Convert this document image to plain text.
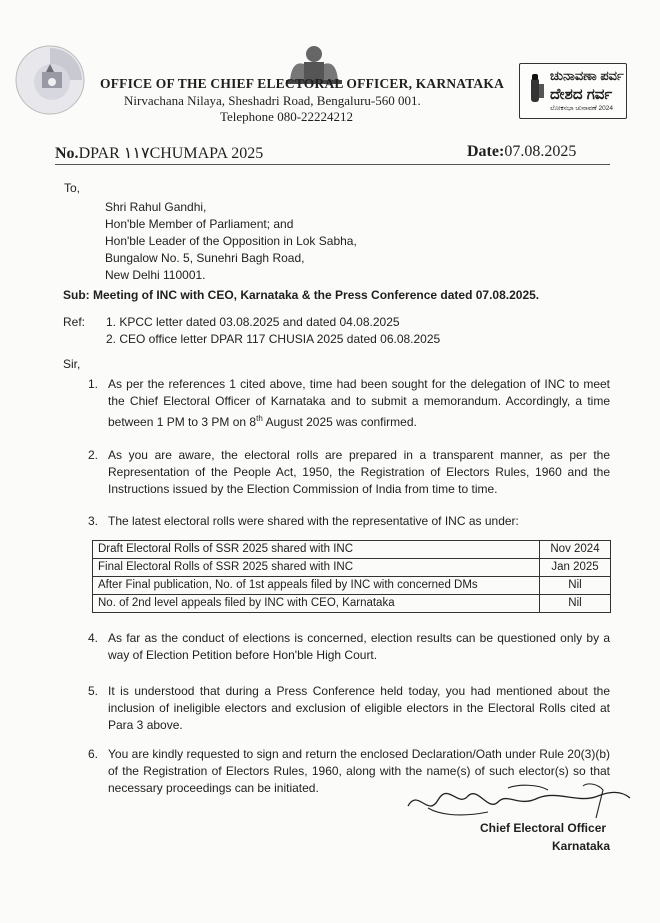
OFFICE OF THE CHIEF ELECTORAL OFFICER, KARNATAKA
Nirvachana Nilaya, Sheshadri Road, Bengaluru-560 001.
Telephone 080-22224212
ಚುನಾವಣಾ ಪರ್ವ
ದೇಶದ ಗರ್ವ
ಲೋಕಸಭಾ ಚುನಾವಣೆ 2024
No.DPAR ١١٧CHUMAPA 2025	Date:07.08.2025
To,
Shri Rahul Gandhi,
Hon'ble Member of Parliament; and
Hon'ble Leader of the Opposition in Lok Sabha,
Bungalow No. 5, Sunehri Bagh Road,
New Delhi 110001.
Sub: Meeting of INC with CEO, Karnataka & the Press Conference dated 07.08.2025.
Ref: 1. KPCC letter dated 03.08.2025 and dated 04.08.2025
2. CEO office letter DPAR 117 CHUSIA 2025 dated 06.08.2025
Sir,
1. As per the references 1 cited above, time had been sought for the delegation of INC to meet the Chief Electoral Officer of Karnataka and to submit a memorandum. Accordingly, a time between 1 PM to 3 PM on 8th August 2025 was confirmed.
2. As you are aware, the electoral rolls are prepared in a transparent manner, as per the Representation of the People Act, 1950, the Registration of Electors Rules, 1960 and the Instructions issued by the Election Commission of India from time to time.
3. The latest electoral rolls were shared with the representative of INC as under:
Draft Electoral Rolls of SSR 2025 shared with INC	Nov 2024
Final Electoral Rolls of SSR 2025 shared with INC	Jan 2025
After Final publication, No. of 1st appeals filed by INC with concerned DMs	Nil
No. of 2nd level appeals filed by INC with CEO, Karnataka	Nil
4. As far as the conduct of elections is concerned, election results can be questioned only by a way of Election Petition before Hon'ble High Court.
5. It is understood that during a Press Conference held today, you had mentioned about the inclusion of ineligible electors and exclusion of eligible electors in the Electoral Rolls cited at Para 3 above.
6. You are kindly requested to sign and return the enclosed Declaration/Oath under Rule 20(3)(b) of the Registration of Electors Rules, 1960, along with the name(s) of such elector(s) so that necessary proceedings can be initiated.
Chief Electoral Officer
Karnataka
